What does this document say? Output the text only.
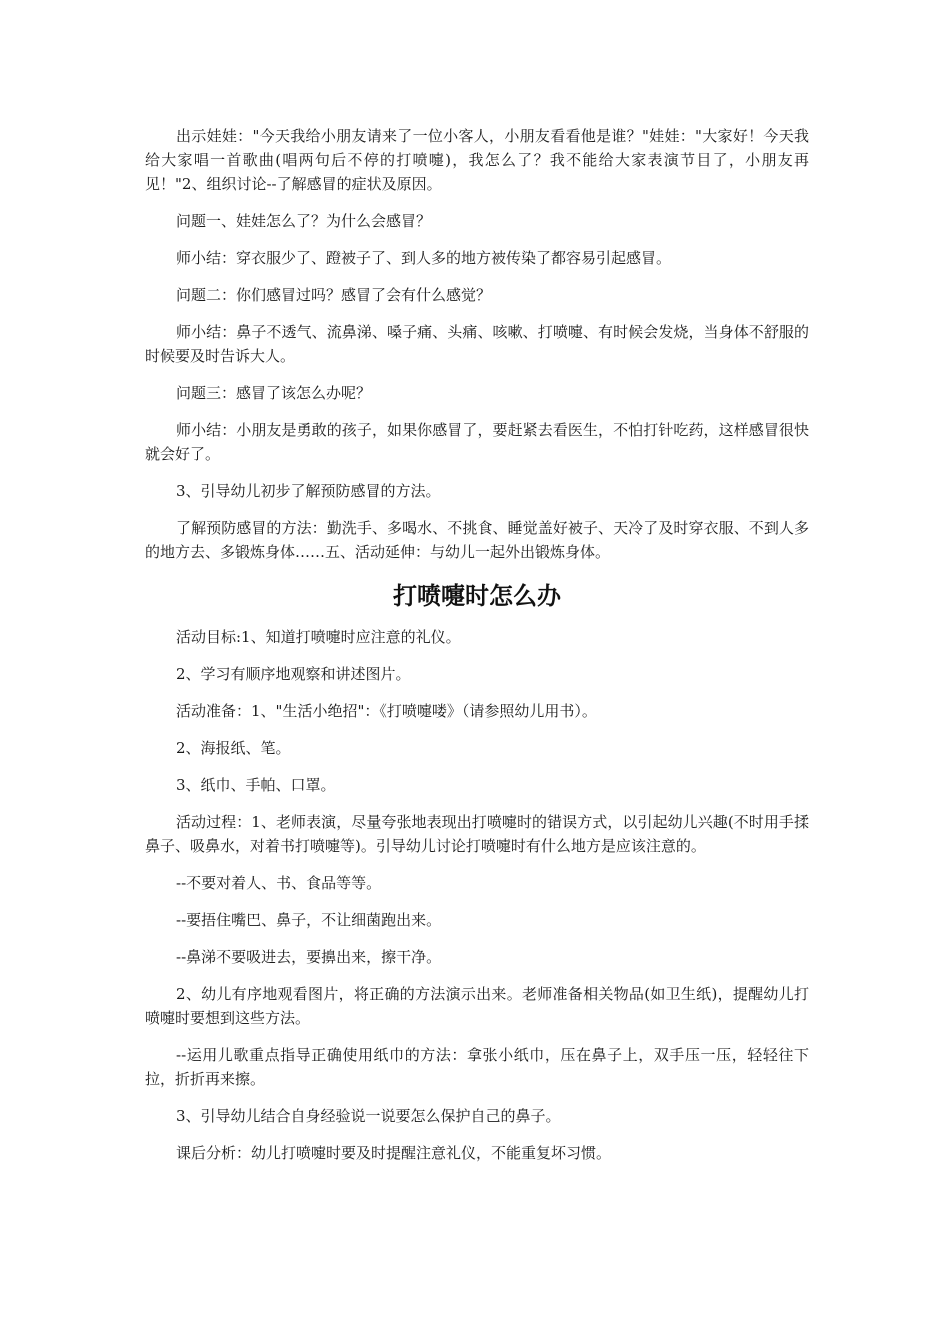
出示娃娃："今天我给小朋友请来了一位小客人，小朋友看看他是谁？"娃娃："大家好！今天我给大家唱一首歌曲(唱两句后不停的打喷嚏)，我怎么了？我不能给大家表演节目了，小朋友再见！"2、组织讨论--了解感冒的症状及原因。

问题一、娃娃怎么了？为什么会感冒？

师小结：穿衣服少了、蹬被子了、到人多的地方被传染了都容易引起感冒。

问题二：你们感冒过吗？感冒了会有什么感觉？

师小结：鼻子不透气、流鼻涕、嗓子痛、头痛、咳嗽、打喷嚏、有时候会发烧，当身体不舒服的时候要及时告诉大人。

问题三：感冒了该怎么办呢？

师小结：小朋友是勇敢的孩子，如果你感冒了，要赶紧去看医生，不怕打针吃药，这样感冒很快就会好了。

3、引导幼儿初步了解预防感冒的方法。

了解预防感冒的方法：勤洗手、多喝水、不挑食、睡觉盖好被子、天冷了及时穿衣服、不到人多的地方去、多锻炼身体……五、活动延伸：与幼儿一起外出锻炼身体。

打喷嚏时怎么办

活动目标:1、知道打喷嚏时应注意的礼仪。

2、学习有顺序地观察和讲述图片。

活动准备：1、"生活小绝招"：《打喷嚏喽》（请参照幼儿用书）。

2、海报纸、笔。

3、纸巾、手帕、口罩。

活动过程：1、老师表演，尽量夸张地表现出打喷嚏时的错误方式，以引起幼儿兴趣(不时用手揉鼻子、吸鼻水，对着书打喷嚏等)。引导幼儿讨论打喷嚏时有什么地方是应该注意的。

--不要对着人、书、食品等等。

--要捂住嘴巴、鼻子，不让细菌跑出来。

--鼻涕不要吸进去，要擤出来，擦干净。

2、幼儿有序地观看图片，将正确的方法演示出来。老师准备相关物品(如卫生纸)，提醒幼儿打喷嚏时要想到这些方法。

--运用儿歌重点指导正确使用纸巾的方法：拿张小纸巾，压在鼻子上，双手压一压，轻轻往下拉，折折再来擦。

3、引导幼儿结合自身经验说一说要怎么保护自己的鼻子。

课后分析：幼儿打喷嚏时要及时提醒注意礼仪，不能重复坏习惯。
